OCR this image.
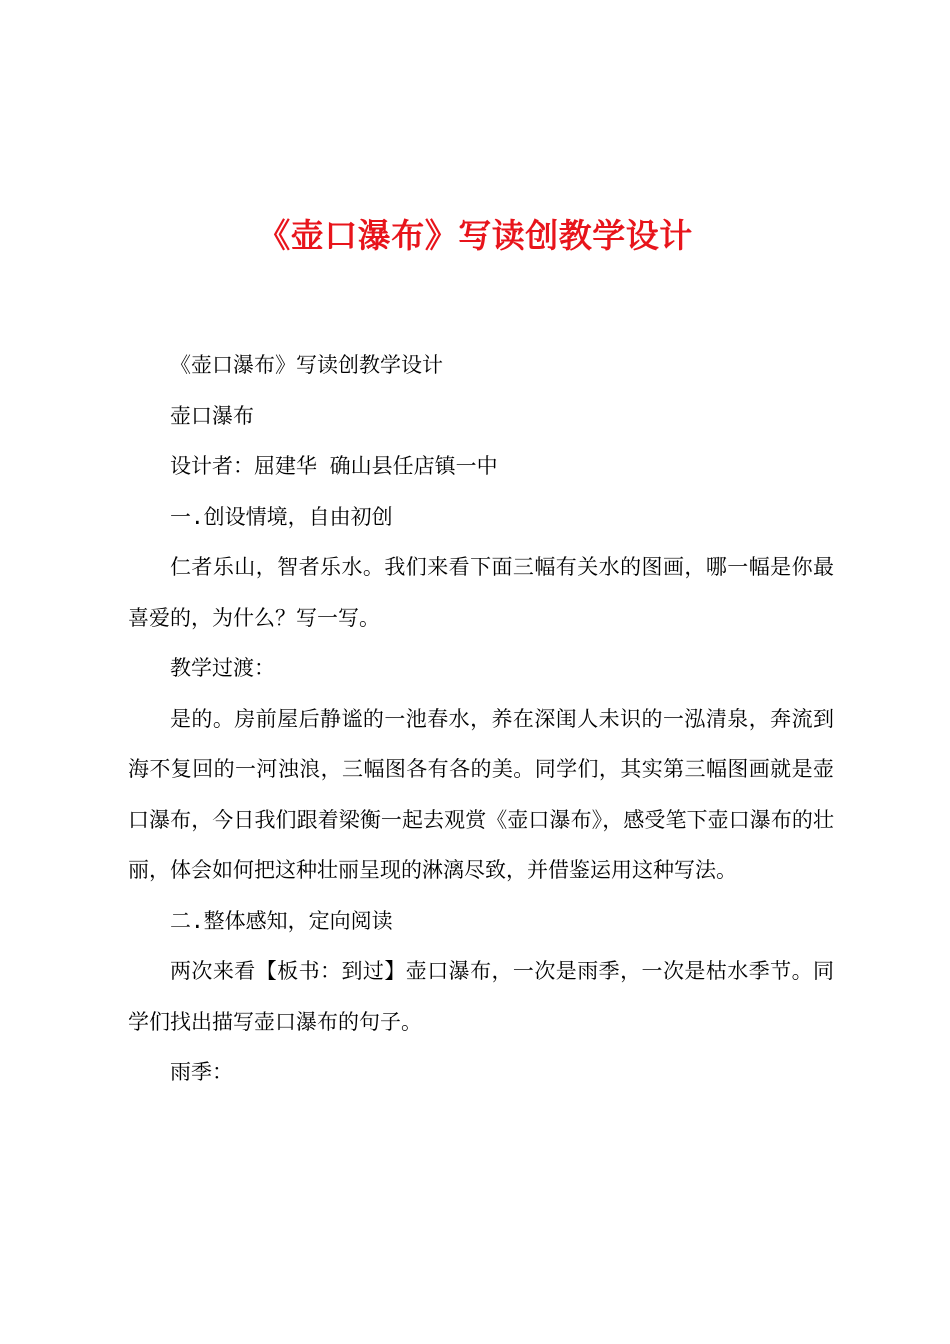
《壶口瀑布》写读创教学设计

《壶口瀑布》写读创教学设计

壶口瀑布

设计者：屈建华 确山县任店镇一中

一.创设情境，自由初创

仁者乐山，智者乐水。我们来看下面三幅有关水的图画，哪一幅是你最喜爱的，为什么？写一写。

教学过渡：

是的。房前屋后静谧的一池春水，养在深闺人未识的一泓清泉，奔流到海不复回的一河浊浪，三幅图各有各的美。同学们，其实第三幅图画就是壶口瀑布，今日我们跟着梁衡一起去观赏《壶口瀑布》，感受笔下壶口瀑布的壮丽，体会如何把这种壮丽呈现的淋漓尽致，并借鉴运用这种写法。

二.整体感知，定向阅读

两次来看【板书：到过】壶口瀑布，一次是雨季，一次是枯水季节。同学们找出描写壶口瀑布的句子。

雨季：
